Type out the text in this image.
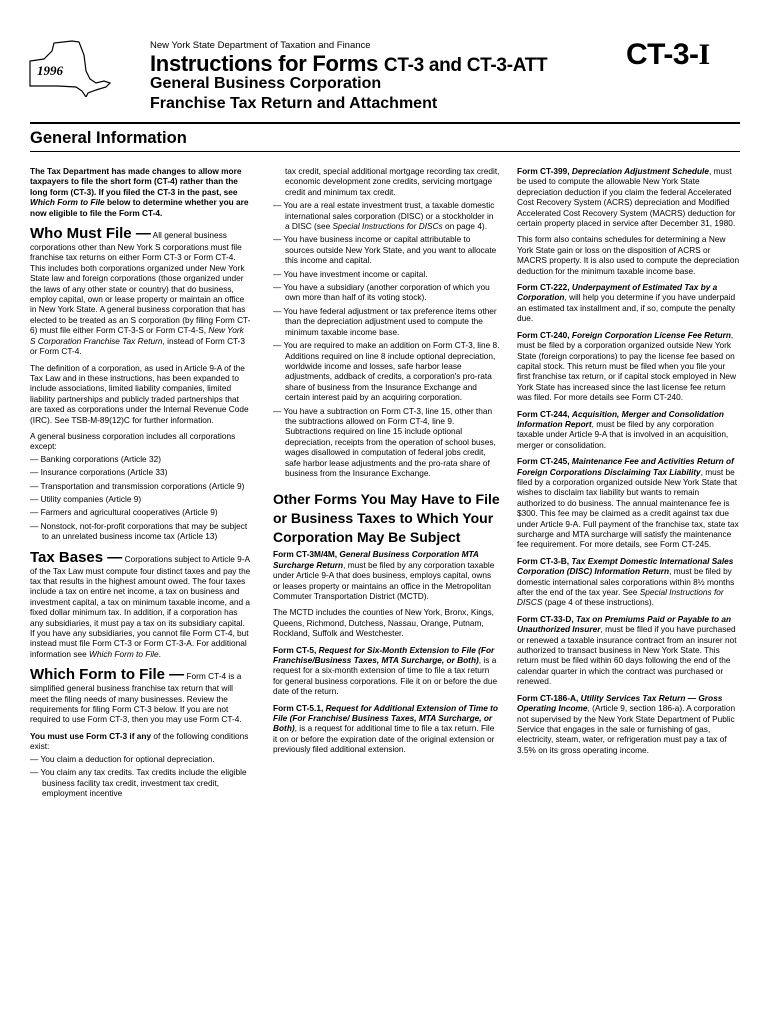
1996
New York State Department of Taxation and Finance
Instructions for Forms CT-3 and CT-3-ATT
General Business Corporation
Franchise Tax Return and Attachment
CT-3-I
General Information

The Tax Department has made changes to allow more taxpayers to file the short form (CT-4) rather than the long form (CT-3). If you filed the CT-3 in the past, see Which Form to File below to determine whether you are now eligible to file the Form CT-4.

Who Must File — All general business corporations other than New York S corporations must file franchise tax returns on either Form CT-3 or Form CT-4. This includes both corporations organized under New York State law and foreign corporations (those organized under the laws of any other state or country) that do business, employ capital, own or lease property or maintain an office in New York State. A general business corporation that has elected to be treated as an S corporation (by filing Form CT-6) must file either Form CT-3-S or Form CT-4-S, New York S Corporation Franchise Tax Return, instead of Form CT-3 or Form CT-4.

The definition of a corporation, as used in Article 9-A of the Tax Law and in these instructions, has been expanded to include associations, limited liability companies, limited liability partnerships and publicly traded partnerships that are taxed as corporations under the Internal Revenue Code (IRC). See TSB-M-89(12)C for further information.

A general business corporation includes all corporations except:

— Banking corporations (Article 32)

— Insurance corporations (Article 33)

— Transportation and transmission corporations (Article 9)

— Utility companies (Article 9)

— Farmers and agricultural cooperatives (Article 9)

— Nonstock, not-for-profit corporations that may be subject to an unrelated business income tax (Article 13)

Tax Bases — Corporations subject to Article 9-A of the Tax Law must compute four distinct taxes and pay the tax that results in the highest amount owed. The four taxes include a tax on entire net income, a tax on business and investment capital, a tax on minimum taxable income, and a fixed dollar minimum tax. In addition, if a corporation has any subsidiaries, it must pay a tax on its subsidiary capital. If you have any subsidiaries, you cannot file Form CT-4, but instead must file Form CT-3 or Form CT-3-A. For additional information see Which Form to File.

Which Form to File — Form CT-4 is a simplified general business franchise tax return that will meet the filing needs of many businesses. Review the requirements for filing Form CT-3 below. If you are not required to use Form CT-3, then you may use Form CT-4.

You must use Form CT-3 if any of the following conditions exist:

— You claim a deduction for optional depreciation.

— You claim any tax credits. Tax credits include the eligible business facility tax credit, investment tax credit, employment incentive

tax credit, special additional mortgage recording tax credit, economic development zone credits, servicing mortgage credit and minimum tax credit.

— You are a real estate investment trust, a taxable domestic international sales corporation (DISC) or a stockholder in a DISC (see Special Instructions for DISCs on page 4).

— You have business income or capital attributable to sources outside New York State, and you want to allocate this income and capital.

— You have investment income or capital.

— You have a subsidiary (another corporation of which you own more than half of its voting stock).

— You have federal adjustment or tax preference items other than the depreciation adjustment used to compute the minimum taxable income base.

— You are required to make an addition on Form CT-3, line 8. Additions required on line 8 include optional depreciation, worldwide income and losses, safe harbor lease adjustments, addback of credits, a corporation's pro-rata share of business from the Insurance Exchange and certain interest paid by an acquiring corporation.

— You have a subtraction on Form CT-3, line 15, other than the subtractions allowed on Form CT-4, line 9. Subtractions required on line 15 include optional depreciation, receipts from the operation of school buses, wages disallowed in computation of federal jobs credit, safe harbor lease adjustments and the pro-rata share of business from the Insurance Exchange.

Other Forms You May Have to File or Business Taxes to Which Your Corporation May Be Subject

Form CT-3M/4M, General Business Corporation MTA Surcharge Return, must be filed by any corporation taxable under Article 9-A that does business, employs capital, owns or leases property or maintains an office in the Metropolitan Commuter Transportation District (MCTD).

The MCTD includes the counties of New York, Bronx, Kings, Queens, Richmond, Dutchess, Nassau, Orange, Putnam, Rockland, Suffolk and Westchester.

Form CT-5, Request for Six-Month Extension to File (For Franchise/Business Taxes, MTA Surcharge, or Both), is a request for a six-month extension of time to file a tax return for general business corporations. File it on or before the due date of the return.

Form CT-5.1, Request for Additional Extension of Time to File (For Franchise/ Business Taxes, MTA Surcharge, or Both), is a request for additional time to file a tax return. File it on or before the expiration date of the original extension or previously filed additional extension.

Form CT-399, Depreciation Adjustment Schedule, must be used to compute the allowable New York State depreciation deduction if you claim the federal Accelerated Cost Recovery System (ACRS) depreciation and Modified Accelerated Cost Recovery System (MACRS) deduction for certain property placed in service after December 31, 1980.

This form also contains schedules for determining a New York State gain or loss on the disposition of ACRS or MACRS property. It is also used to compute the depreciation deduction for the minimum taxable income base.

Form CT-222, Underpayment of Estimated Tax by a Corporation, will help you determine if you have underpaid an estimated tax installment and, if so, compute the penalty due.

Form CT-240, Foreign Corporation License Fee Return, must be filed by a corporation organized outside New York State (foreign corporations) to pay the license fee based on capital stock. This return must be filed when you file your first franchise tax return, or if capital stock employed in New York State has increased since the last license fee return was filed. For more details see Form CT-240.

Form CT-244, Acquisition, Merger and Consolidation Information Report, must be filed by any corporation taxable under Article 9-A that is involved in an acquisition, merger or consolidation.

Form CT-245, Maintenance Fee and Activities Return of Foreign Corporations Disclaiming Tax Liability, must be filed by a corporation organized outside New York State that wishes to disclaim tax liability but wants to remain authorized to do business. The annual maintenance fee is $300. This fee may be claimed as a credit against tax due under Article 9-A. Full payment of the franchise tax, state tax surcharge and MTA surcharge will satisfy the maintenance fee requirement. For more details, see Form CT-245.

Form CT-3-B, Tax Exempt Domestic International Sales Corporation (DISC) Information Return, must be filed by domestic international sales corporations within 8½ months after the end of the tax year. See Special Instructions for DISCS (page 4 of these instructions).

Form CT-33-D, Tax on Premiums Paid or Payable to an Unauthorized Insurer, must be filed if you have purchased or renewed a taxable insurance contract from an insurer not authorized to transact business in New York State. This return must be filed within 60 days following the end of the calendar quarter in which the contract was purchased or renewed.

Form CT-186-A, Utility Services Tax Return — Gross Operating Income, (Article 9, section 186-a). A corporation not supervised by the New York State Department of Public Service that engages in the sale or furnishing of gas, electricity, steam, water, or refrigeration must pay a tax of 3.5% on its gross operating income.
